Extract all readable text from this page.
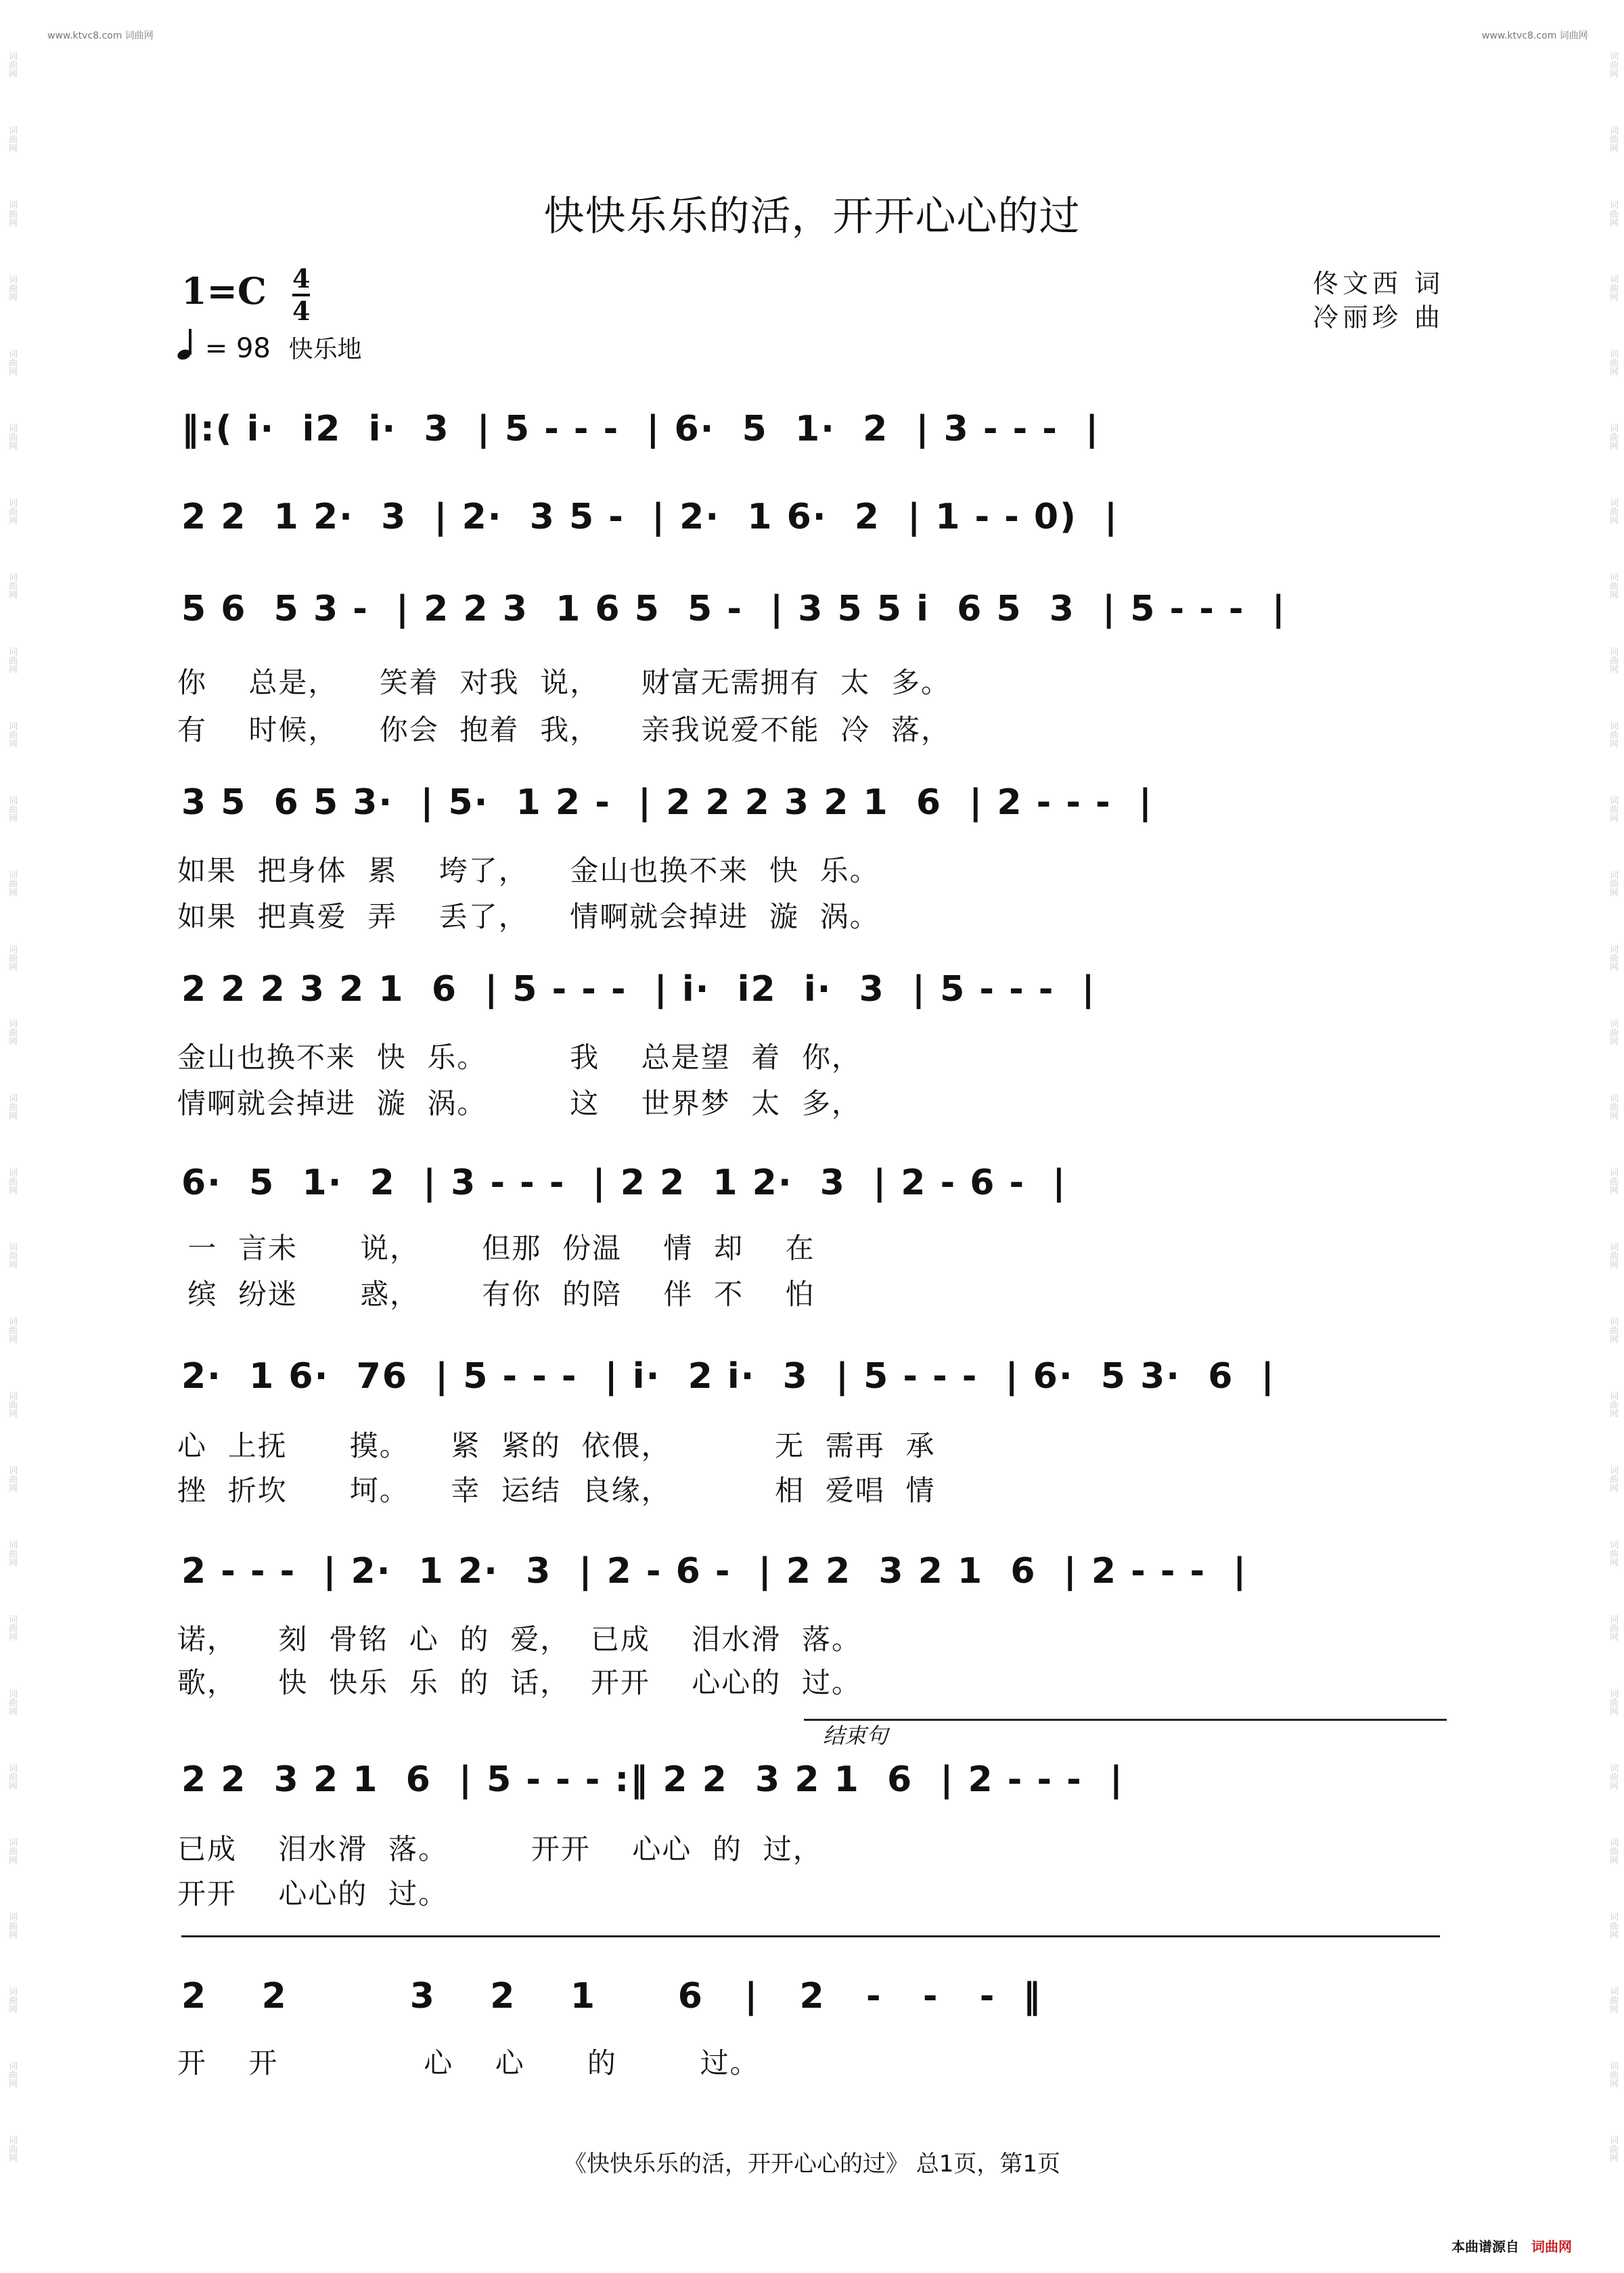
www.ktvc8.com 词曲网	www.ktvc8.com 词曲网
词曲网
词曲网
词曲网
词曲网
词曲网
词曲网
词曲网
词曲网
词曲网
词曲网
词曲网
词曲网
词曲网
词曲网
词曲网
词曲网
词曲网
词曲网
词曲网
词曲网
词曲网
词曲网
词曲网
词曲网
词曲网
词曲网
词曲网
词曲网
词曲网
词曲网
词曲网
词曲网
词曲网
词曲网
词曲网
词曲网
词曲网
词曲网
词曲网
词曲网
词曲网
词曲网
词曲网
词曲网
词曲网
词曲网
词曲网
词曲网
词曲网
词曲网
词曲网
词曲网
词曲网
词曲网
词曲网
词曲网
词曲网
词曲网
快快乐乐的活，开开心心的过
1=C 4
4
= 98 快乐地
佟文西 词
冷丽珍 曲
‖:( i·  i2  i·  3  | 5 - - -  | 6·  5  1·  2  | 3 - - -  |
2 2  1 2·  3  | 2·  3 5 -  | 2·  1 6·  2  | 1 - - 0)  |
5 6  5 3 -  | 2 2 3  1 6 5  5 -  | 3 5 5 i  6 5  3  | 5 - - -  |
你    总是，    笑着  对我  说，    财富无需拥有  太  多。
有    时候，    你会  抱着  我，    亲我说爱不能  冷  落，
3 5  6 5 3·  | 5·  1 2 -  | 2 2 2 3 2 1  6  | 2 - - -  |
如果  把身体  累    垮了，    金山也换不来  快  乐。
如果  把真爱  弄    丢了，    情啊就会掉进  漩  涡。
2 2 2 3 2 1  6  | 5 - - -  | i·  i2  i·  3  | 5 - - -  |
金山也换不来  快  乐。        我    总是望  着  你，
情啊就会掉进  漩  涡。        这    世界梦  太  多，
6·  5  1·  2  | 3 - - -  | 2 2  1 2·  3  | 2 - 6 -  |
一  言未      说，      但那  份温    情  却    在
缤  纷迷      惑，      有你  的陪    伴  不    怕
2·  1 6·  76  | 5 - - -  | i·  2 i·  3  | 5 - - -  | 6·  5 3·  6  |
心  上抚      摸。    紧  紧的  依偎，          无  需再  承
挫  折坎      坷。    幸  运结  良缘，          相  爱唱  情
2 - - -  | 2·  1 2·  3  | 2 - 6 -  | 2 2  3 2 1  6  | 2 - - -  |
诺，    刻  骨铭  心  的  爱，  已成    泪水滑  落。
歌，    快  快乐  乐  的  话，  开开    心心的  过。
结束句
2 2  3 2 1  6  | 5 - - - :‖ 2 2  3 2 1  6  | 2 - - -  |
已成    泪水滑  落。        开开    心心  的  过，
开开    心心的  过。
2    2         3    2    1      6   |   2   -   -   -  ‖
开    开              心    心      的        过。
《快快乐乐的活，开开心心的过》 总1页，第1页
本曲谱源自 词曲网
